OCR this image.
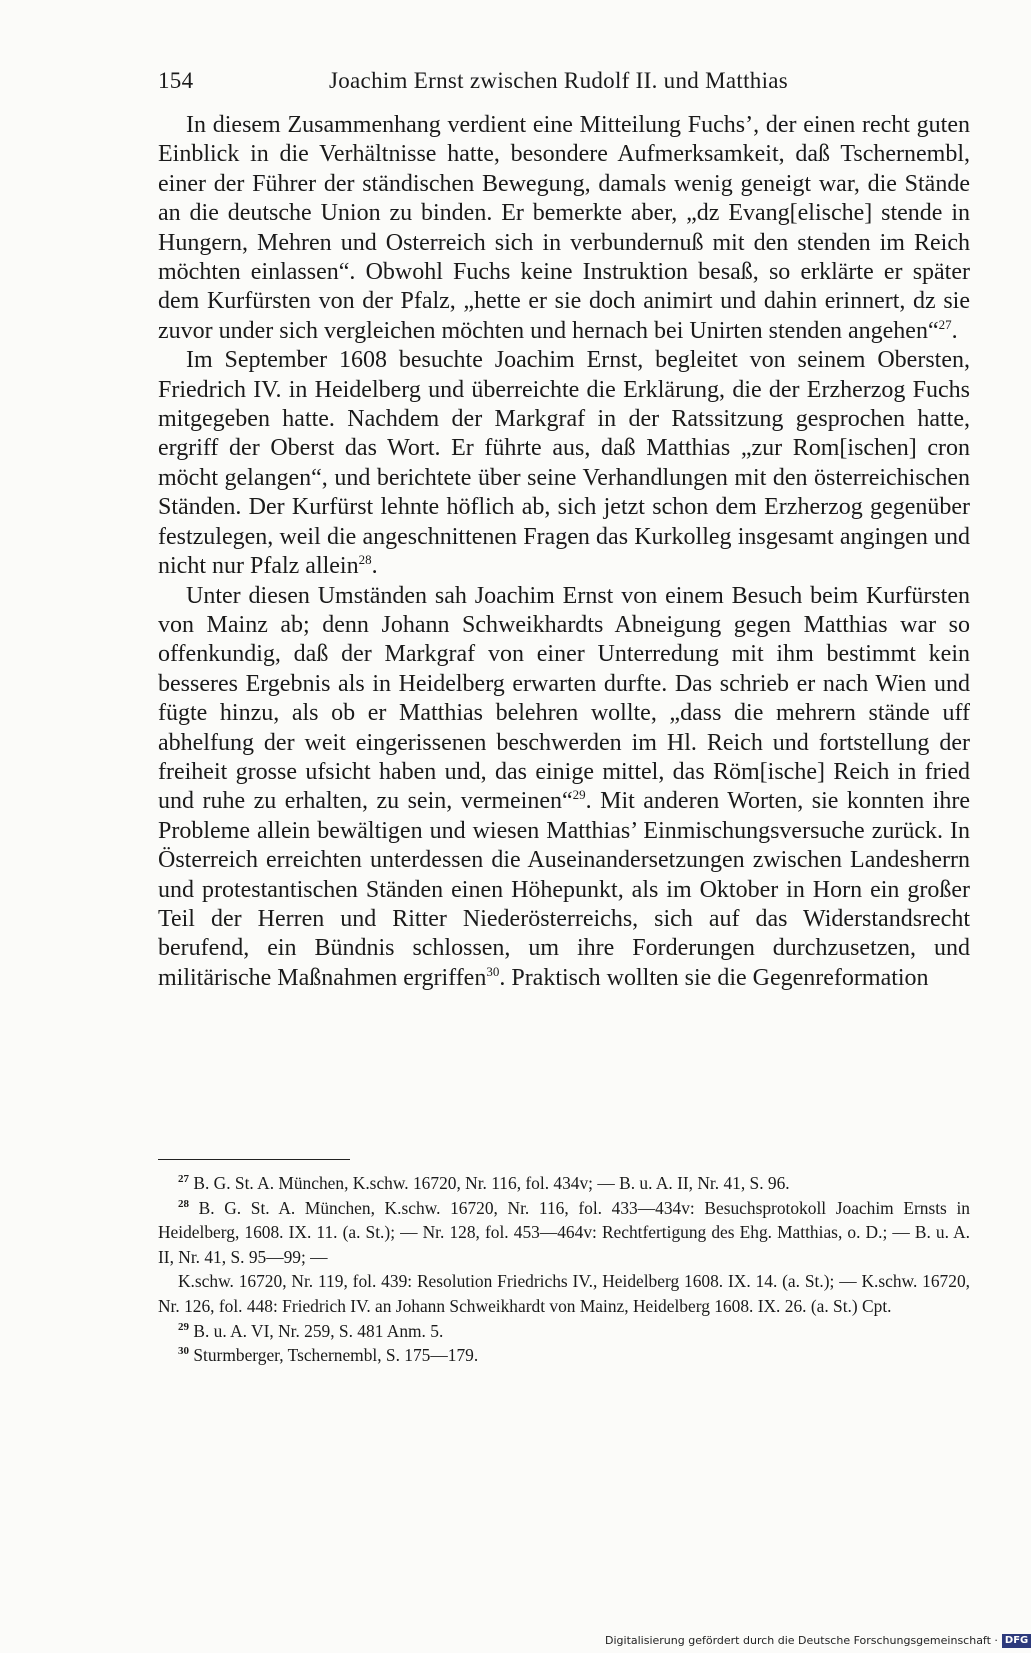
154	Joachim Ernst zwischen Rudolf II. und Matthias

In diesem Zusammenhang verdient eine Mitteilung Fuchs’, der einen recht guten Einblick in die Verhältnisse hatte, besondere Aufmerksamkeit, daß Tschernembl, einer der Führer der ständischen Bewegung, damals wenig geneigt war, die Stände an die deutsche Union zu binden. Er bemerkte aber, „dz Evang[elische] stende in Hungern, Mehren und Osterreich sich in verbundernuß mit den stenden im Reich möchten einlassen“. Obwohl Fuchs keine Instruktion besaß, so erklärte er später dem Kurfürsten von der Pfalz, „hette er sie doch animirt und dahin erinnert, dz sie zuvor under sich vergleichen möchten und hernach bei Unirten stenden angehen“$^{27}$.

Im September 1608 besuchte Joachim Ernst, begleitet von seinem Obersten, Friedrich IV. in Heidelberg und überreichte die Erklärung, die der Erzherzog Fuchs mitgegeben hatte. Nachdem der Markgraf in der Ratssitzung gesprochen hatte, ergriff der Oberst das Wort. Er führte aus, daß Matthias „zur Rom[ischen] cron möcht gelangen“, und berichtete über seine Verhandlungen mit den österreichischen Ständen. Der Kurfürst lehnte höflich ab, sich jetzt schon dem Erzherzog gegenüber festzulegen, weil die angeschnittenen Fragen das Kurkolleg insgesamt angingen und nicht nur Pfalz allein$^{28}$.

Unter diesen Umständen sah Joachim Ernst von einem Besuch beim Kurfürsten von Mainz ab; denn Johann Schweikhardts Abneigung gegen Matthias war so offenkundig, daß der Markgraf von einer Unterredung mit ihm bestimmt kein besseres Ergebnis als in Heidelberg erwarten durfte. Das schrieb er nach Wien und fügte hinzu, als ob er Matthias belehren wollte, „dass die mehrern stände uff abhelfung der weit eingerissenen beschwerden im Hl. Reich und fortstellung der freiheit grosse ufsicht haben und, das einige mittel, das Röm[ische] Reich in fried und ruhe zu erhalten, zu sein, vermeinen“$^{29}$. Mit anderen Worten, sie konnten ihre Probleme allein bewältigen und wiesen Matthias’ Einmischungsversuche zurück. In Österreich erreichten unterdessen die Auseinandersetzungen zwischen Landesherrn und protestantischen Ständen einen Höhepunkt, als im Oktober in Horn ein großer Teil der Herren und Ritter Niederösterreichs, sich auf das Widerstandsrecht berufend, ein Bündnis schlossen, um ihre Forderungen durchzusetzen, und militärische Maßnahmen ergriffen$^{30}$. Praktisch wollten sie die Gegenreformation

$^{27}$ B. G. St. A. München, K.schw. 16720, Nr. 116, fol. 434v; — B. u. A. II, Nr. 41, S. 96.

$^{28}$ B. G. St. A. München, K.schw. 16720, Nr. 116, fol. 433—434v: Besuchsprotokoll Joachim Ernsts in Heidelberg, 1608. IX. 11. (a. St.); — Nr. 128, fol. 453—464v: Rechtfertigung des Ehg. Matthias, o. D.; — B. u. A. II, Nr. 41, S. 95—99; —

K.schw. 16720, Nr. 119, fol. 439: Resolution Friedrichs IV., Heidelberg 1608. IX. 14. (a. St.); — K.schw. 16720, Nr. 126, fol. 448: Friedrich IV. an Johann Schweikhardt von Mainz, Heidelberg 1608. IX. 26. (a. St.) Cpt.

$^{29}$ B. u. A. VI, Nr. 259, S. 481 Anm. 5.

$^{30}$ Sturmberger, Tschernembl, S. 175—179.

Digitalisierung gefördert durch die Deutsche Forschungsgemeinschaft · DFG
